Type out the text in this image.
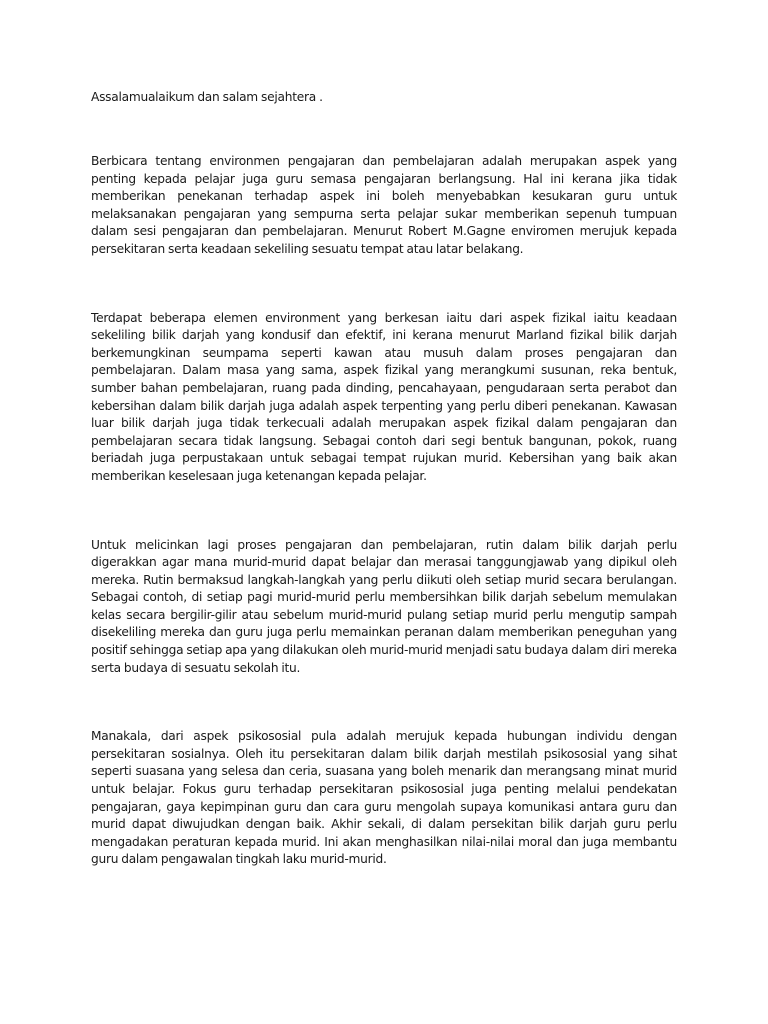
Assalamualaikum dan salam sejahtera .

Berbicara tentang environmen pengajaran dan pembelajaran adalah merupakan aspek yang penting kepada pelajar juga guru semasa pengajaran berlangsung. Hal ini kerana jika tidak memberikan penekanan terhadap aspek ini boleh menyebabkan kesukaran guru untuk melaksanakan pengajaran yang sempurna serta pelajar sukar memberikan sepenuh tumpuan dalam sesi pengajaran dan pembelajaran. Menurut Robert M.Gagne enviromen merujuk kepada persekitaran serta keadaan sekeliling sesuatu tempat atau latar belakang.

Terdapat beberapa elemen environment yang berkesan iaitu dari aspek fizikal iaitu keadaan sekeliling bilik darjah yang kondusif dan efektif, ini kerana menurut Marland fizikal bilik darjah berkemungkinan seumpama seperti kawan atau musuh dalam proses pengajaran dan pembelajaran. Dalam masa yang sama, aspek fizikal yang merangkumi susunan, reka bentuk, sumber bahan pembelajaran, ruang pada dinding, pencahayaan, pengudaraan serta perabot dan kebersihan dalam bilik darjah juga adalah aspek terpenting yang perlu diberi penekanan. Kawasan luar bilik darjah juga tidak terkecuali adalah merupakan aspek fizikal dalam pengajaran dan pembelajaran secara tidak langsung. Sebagai contoh dari segi bentuk bangunan, pokok, ruang beriadah juga perpustakaan untuk sebagai tempat rujukan murid. Kebersihan yang baik akan memberikan keselesaan juga ketenangan kepada pelajar.

Untuk melicinkan lagi proses pengajaran dan pembelajaran, rutin dalam bilik darjah perlu digerakkan agar mana murid-murid dapat belajar dan merasai tanggungjawab yang dipikul oleh mereka. Rutin bermaksud langkah-langkah yang perlu diikuti oleh setiap murid secara berulangan. Sebagai contoh, di setiap pagi murid-murid perlu membersihkan bilik darjah sebelum memulakan kelas secara bergilir-gilir atau sebelum murid-murid pulang setiap murid perlu mengutip sampah disekeliling mereka dan guru juga perlu memainkan peranan dalam memberikan peneguhan yang positif sehingga setiap apa yang dilakukan oleh murid-murid menjadi satu budaya dalam diri mereka serta budaya di sesuatu sekolah itu.

Manakala, dari aspek psikososial pula adalah merujuk kepada hubungan individu dengan persekitaran sosialnya. Oleh itu persekitaran dalam bilik darjah mestilah psikososial yang sihat seperti suasana yang selesa dan ceria, suasana yang boleh menarik dan merangsang minat murid untuk belajar. Fokus guru terhadap persekitaran psikososial juga penting melalui pendekatan pengajaran, gaya kepimpinan guru dan cara guru mengolah supaya komunikasi antara guru dan murid dapat diwujudkan dengan baik. Akhir sekali, di dalam persekitan bilik darjah guru perlu mengadakan peraturan kepada murid. Ini akan menghasilkan nilai-nilai moral dan juga membantu guru dalam pengawalan tingkah laku murid-murid.
